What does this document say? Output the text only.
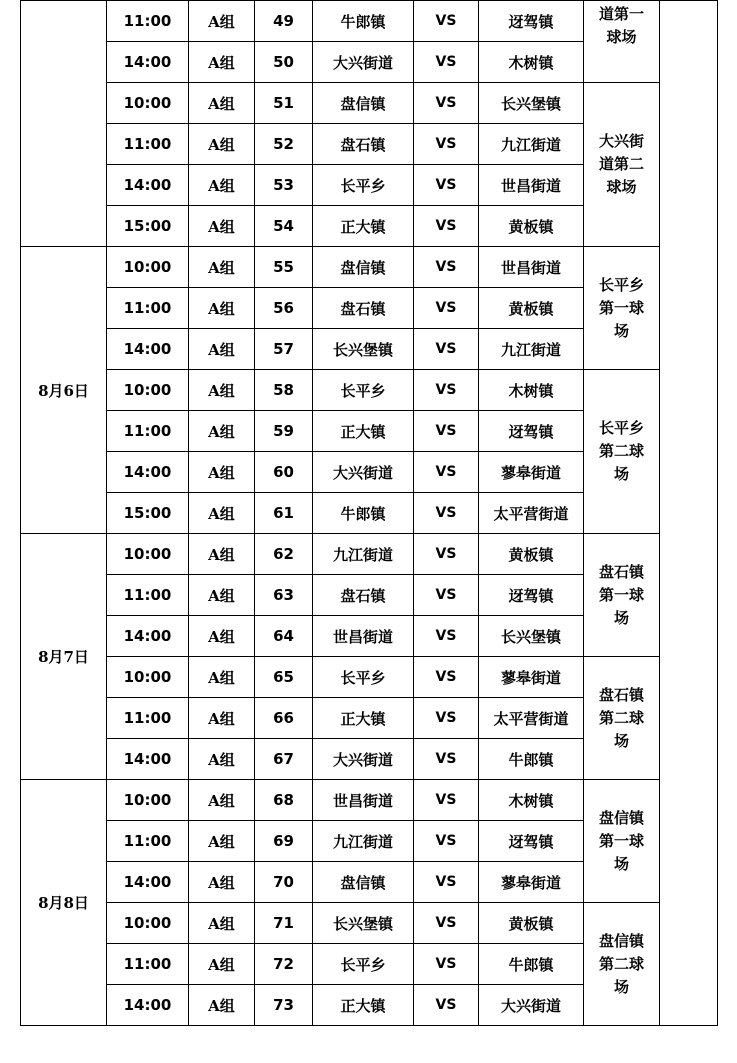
	11:00	A组	49	牛郎镇	VS	迓驾镇	道第一球场	
	14:00	A组	50	大兴街道	VS	木树镇		
	10:00	A组	51	盘信镇	VS	长兴堡镇	大兴街道第二球场	
	11:00	A组	52	盘石镇	VS	九江街道		
	14:00	A组	53	长平乡	VS	世昌街道		
	15:00	A组	54	正大镇	VS	黄板镇		
8月6日	10:00	A组	55	盘信镇	VS	世昌街道	长平乡第一球场	
	11:00	A组	56	盘石镇	VS	黄板镇		
	14:00	A组	57	长兴堡镇	VS	九江街道		
	10:00	A组	58	长平乡	VS	木树镇	长平乡第二球场	
	11:00	A组	59	正大镇	VS	迓驾镇		
	14:00	A组	60	大兴街道	VS	蓼皋街道		
	15:00	A组	61	牛郎镇	VS	太平营街道		
8月7日	10:00	A组	62	九江街道	VS	黄板镇	盘石镇第一球场	
	11:00	A组	63	盘石镇	VS	迓驾镇		
	14:00	A组	64	世昌街道	VS	长兴堡镇		
	10:00	A组	65	长平乡	VS	蓼皋街道	盘石镇第二球场	
	11:00	A组	66	正大镇	VS	太平营街道		
	14:00	A组	67	大兴街道	VS	牛郎镇		
8月8日	10:00	A组	68	世昌街道	VS	木树镇	盘信镇第一球场	
	11:00	A组	69	九江街道	VS	迓驾镇		
	14:00	A组	70	盘信镇	VS	蓼皋街道		
	10:00	A组	71	长兴堡镇	VS	黄板镇	盘信镇第二球场	
	11:00	A组	72	长平乡	VS	牛郎镇		
	14:00	A组	73	正大镇	VS	大兴街道		
